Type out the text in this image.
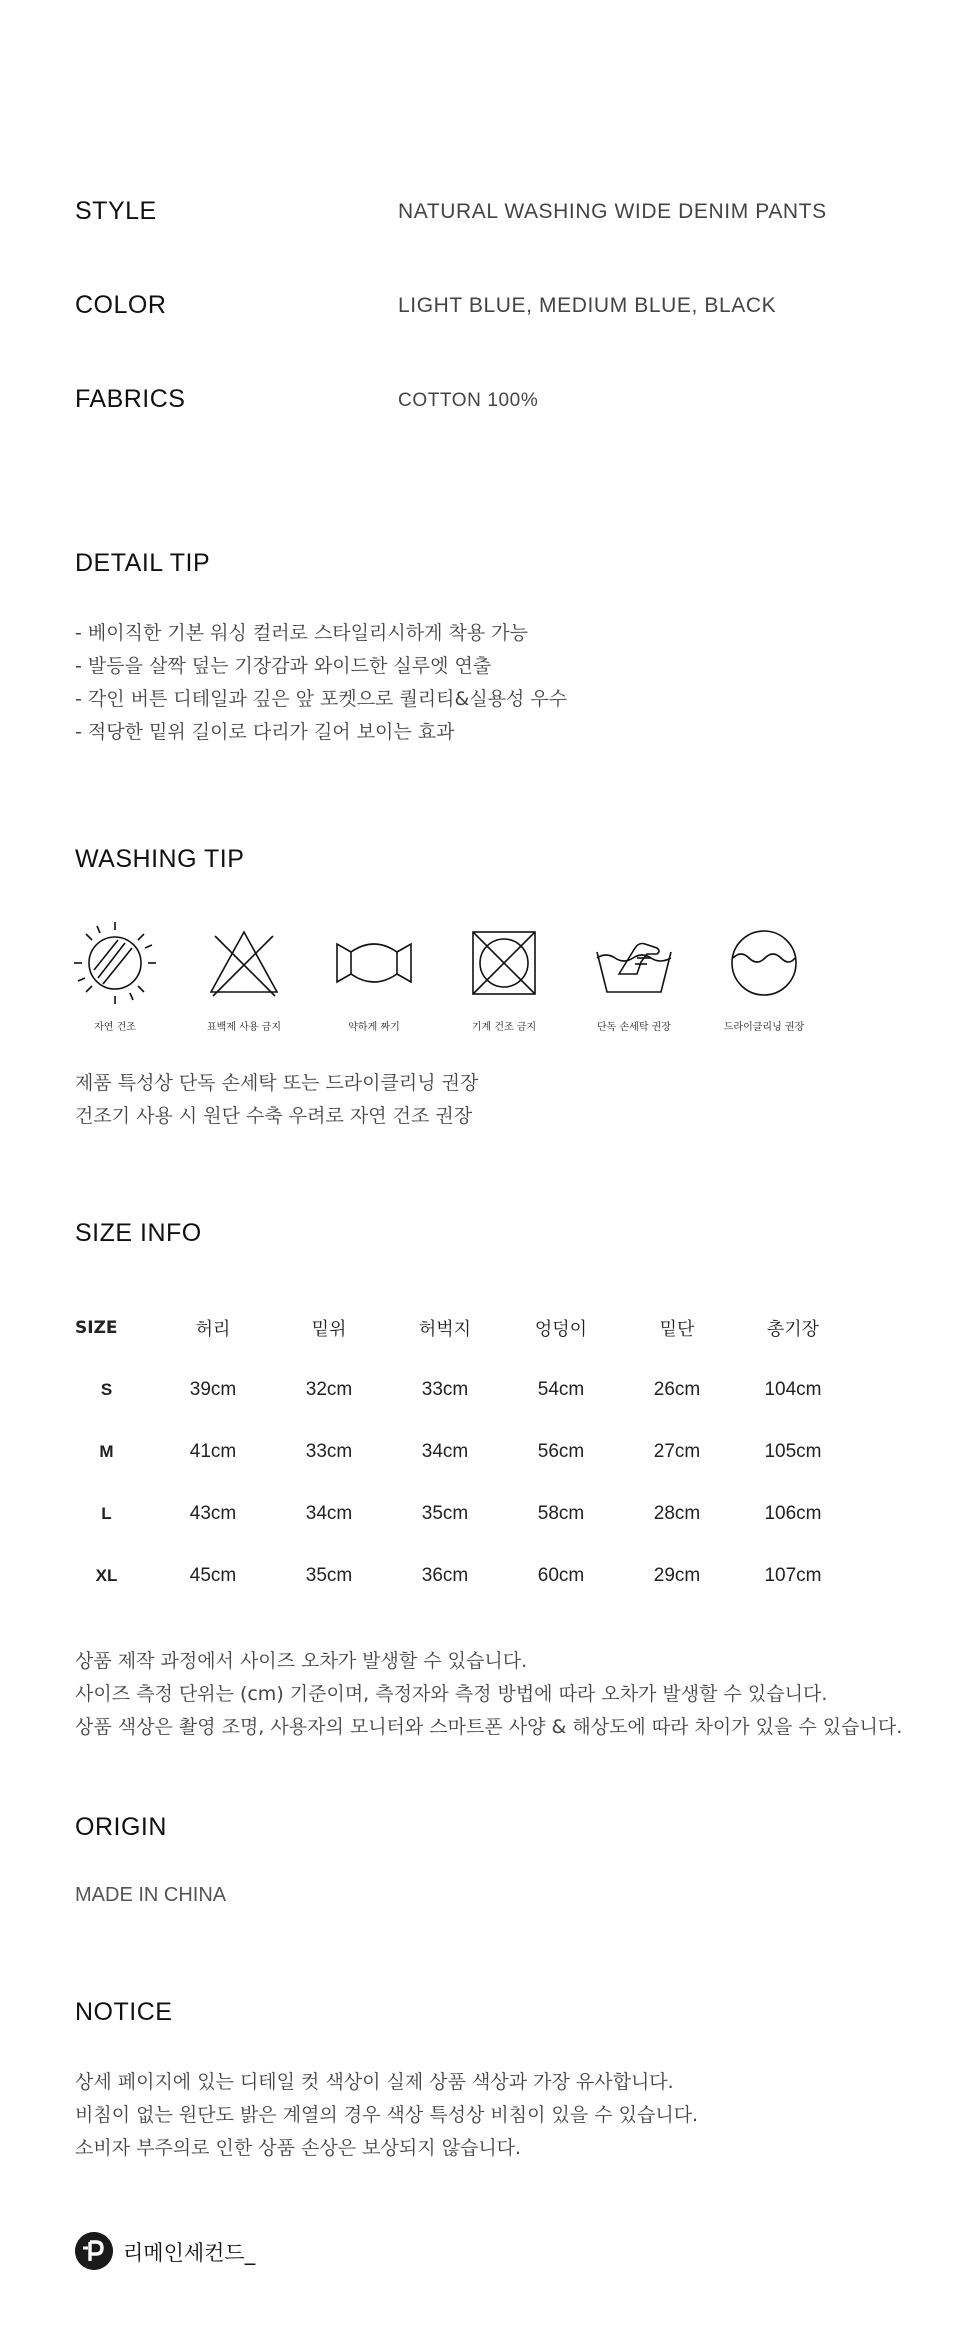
STYLE	NATURAL WASHING WIDE DENIM PANTS
COLOR	LIGHT BLUE, MEDIUM BLUE, BLACK
FABRICS	COTTON 100%
DETAIL TIP
- 베이직한 기본 워싱 컬러로 스타일리시하게 착용 가능
- 발등을 살짝 덮는 기장감과 와이드한 실루엣 연출
- 각인 버튼 디테일과 깊은 앞 포켓으로 퀄리티&실용성 우수
- 적당한 밑위 길이로 다리가 길어 보이는 효과
WASHING TIP
자연 건조	표백제 사용 금지	약하게 짜기	기계 건조 금지	단독 손세탁 권장	드라이클리닝 권장
제품 특성상 단독 손세탁 또는 드라이클리닝 권장
건조기 사용 시 원단 수축 우려로 자연 건조 권장
SIZE INFO
SIZE	허리	밑위	허벅지	엉덩이	밑단	총기장
S	39cm	32cm	33cm	54cm	26cm	104cm
M	41cm	33cm	34cm	56cm	27cm	105cm
L	43cm	34cm	35cm	58cm	28cm	106cm
XL	45cm	35cm	36cm	60cm	29cm	107cm
상품 제작 과정에서 사이즈 오차가 발생할 수 있습니다.
사이즈 측정 단위는 (cm) 기준이며, 측정자와 측정 방법에 따라 오차가 발생할 수 있습니다.
상품 색상은 촬영 조명, 사용자의 모니터와 스마트폰 사양 & 해상도에 따라 차이가 있을 수 있습니다.
ORIGIN
MADE IN CHINA
NOTICE
상세 페이지에 있는 디테일 컷 색상이 실제 상품 색상과 가장 유사합니다.
비침이 없는 원단도 밝은 계열의 경우 색상 특성상 비침이 있을 수 있습니다.
소비자 부주의로 인한 상품 손상은 보상되지 않습니다.
리메인세컨드_
